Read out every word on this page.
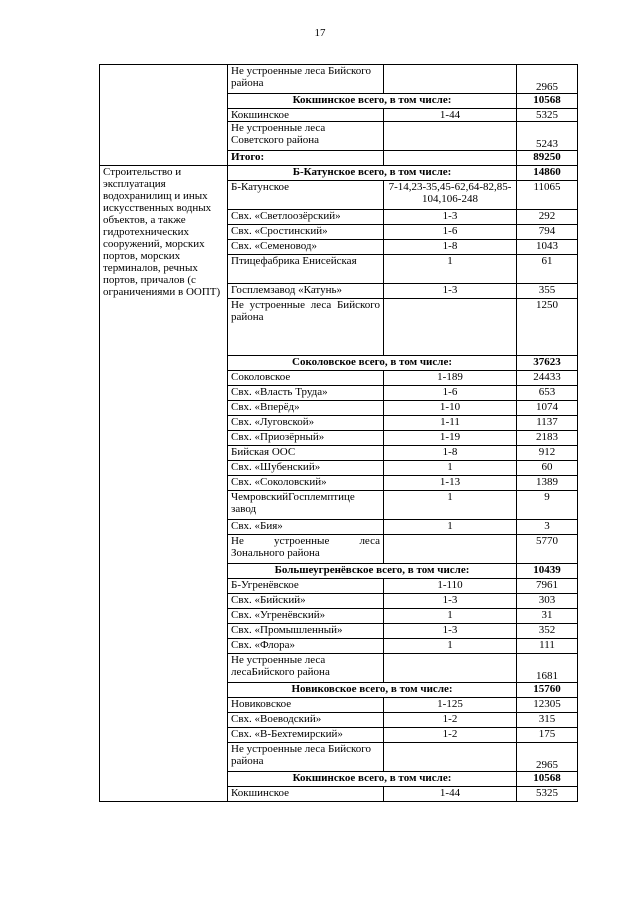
17
	Не устроенные леса Бийского района		2965
	Кокшинское всего, в том числе:		10568
	Кокшинское	1-44	5325
	Не устроенные леса Советского района		5243
	Итого:		89250
Строительство и эксплуатация водохранилищ и иных искусственных водных объектов, а также гидротехнических сооружений, морских портов, морских терминалов, речных портов, причалов (с ограничениями в ООПТ)	Б-Катунское всего, в том числе:		14860
	Б-Катунское	7-14,23-35,45-62,64-82,85-104,106-248	11065
	Свх. «Светлоозёрский»	1-3	292
	Свх. «Сростинский»	1-6	794
	Свх. «Семеновод»	1-8	1043
	Птицефабрика Енисейская	1	61
	Госплемзавод «Катунь»	1-3	355
	Не устроенные леса Бийского района		1250
	Соколовское всего, в том числе:		37623
	Соколовское	1-189	24433
	Свх. «Власть Труда»	1-6	653
	Свх. «Вперёд»	1-10	1074
	Свх. «Луговской»	1-11	1137
	Свх. «Приозёрный»	1-19	2183
	Бийская ООС	1-8	912
	Свх. «Шубенский»	1	60
	Свх. «Соколовский»	1-13	1389
	ЧемровскийГосплемптице завод	1	9
	Свх. «Бия»	1	3
	Не устроенные леса Зонального района		5770
	Большеугренёвское всего, в том числе:		10439
	Б-Угренёвское	1-110	7961
	Свх. «Бийский»	1-3	303
	Свх. «Угренёвский»	1	31
	Свх. «Промышленный»	1-3	352
	Свх. «Флора»	1	111
	Не устроенные леса лесаБийского района		1681
	Новиковское всего, в том числе:		15760
	Новиковское	1-125	12305
	Свх. «Воеводский»	1-2	315
	Свх. «В-Бехтемирский»	1-2	175
	Не устроенные леса Бийского района		2965
	Кокшинское всего, в том числе:		10568
	Кокшинское	1-44	5325
